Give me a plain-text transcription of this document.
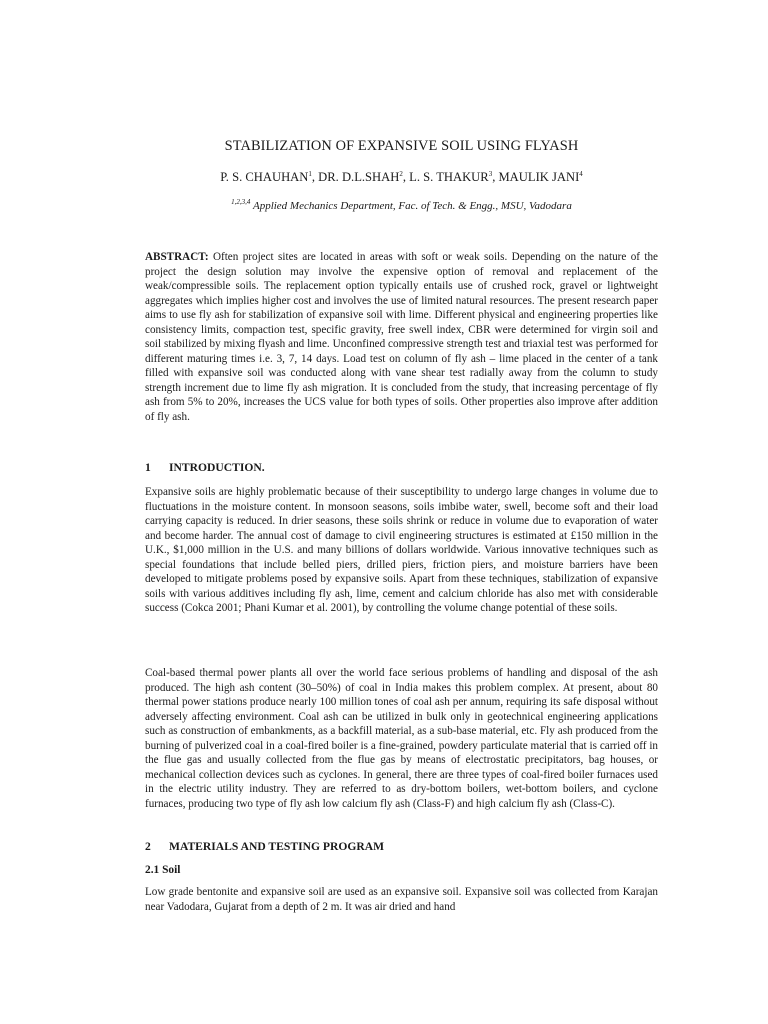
STABILIZATION OF EXPANSIVE SOIL USING FLYASH
P. S. CHAUHAN$^1$, DR. D.L.SHAH$^2$, L. S. THAKUR$^3$, MAULIK JANI$^4$
$^{1,2,3,4}$ Applied Mechanics Department, Fac. of Tech. & Engg., MSU, Vadodara

ABSTRACT: Often project sites are located in areas with soft or weak soils. Depending on the nature of the project the design solution may involve the expensive option of removal and replacement of the weak/compressible soils. The replacement option typically entails use of crushed rock, gravel or lightweight aggregates which implies higher cost and involves the use of limited natural resources. The present research paper aims to use fly ash for stabilization of expansive soil with lime. Different physical and engineering properties like consistency limits, compaction test, specific gravity, free swell index, CBR were determined for virgin soil and soil stabilized by mixing flyash and lime. Unconfined compressive strength test and triaxial test was performed for different maturing times i.e. 3, 7, 14 days. Load test on column of fly ash – lime placed in the center of a tank filled with expansive soil was conducted along with vane shear test radially away from the column to study strength increment due to lime fly ash migration. It is concluded from the study, that increasing percentage of fly ash from 5% to 20%, increases the UCS value for both types of soils. Other properties also improve after addition of fly ash.

1 INTRODUCTION.

Expansive soils are highly problematic because of their susceptibility to undergo large changes in volume due to fluctuations in the moisture content. In monsoon seasons, soils imbibe water, swell, become soft and their load carrying capacity is reduced. In drier seasons, these soils shrink or reduce in volume due to evaporation of water and become harder. The annual cost of damage to civil engineering structures is estimated at £150 million in the U.K., $1,000 million in the U.S. and many billions of dollars worldwide. Various innovative techniques such as special foundations that include belled piers, drilled piers, friction piers, and moisture barriers have been developed to mitigate problems posed by expansive soils. Apart from these techniques, stabilization of expansive soils with various additives including fly ash, lime, cement and calcium chloride has also met with considerable success (Cokca 2001; Phani Kumar et al. 2001), by controlling the volume change potential of these soils.

Coal-based thermal power plants all over the world face serious problems of handling and disposal of the ash produced. The high ash content (30–50%) of coal in India makes this problem complex. At present, about 80 thermal power stations produce nearly 100 million tones of coal ash per annum, requiring its safe disposal without adversely affecting environment. Coal ash can be utilized in bulk only in geotechnical engineering applications such as construction of embankments, as a backfill material, as a sub-base material, etc. Fly ash produced from the burning of pulverized coal in a coal-fired boiler is a fine-grained, powdery particulate material that is carried off in the flue gas and usually collected from the flue gas by means of electrostatic precipitators, bag houses, or mechanical collection devices such as cyclones. In general, there are three types of coal-fired boiler furnaces used in the electric utility industry. They are referred to as dry-bottom boilers, wet-bottom boilers, and cyclone furnaces, producing two type of fly ash low calcium fly ash (Class-F) and high calcium fly ash (Class-C).

2 MATERIALS AND TESTING PROGRAM
2.1 Soil

Low grade bentonite and expansive soil are used as an expansive soil. Expansive soil was collected from Karajan near Vadodara, Gujarat from a depth of 2 m. It was air dried and hand
